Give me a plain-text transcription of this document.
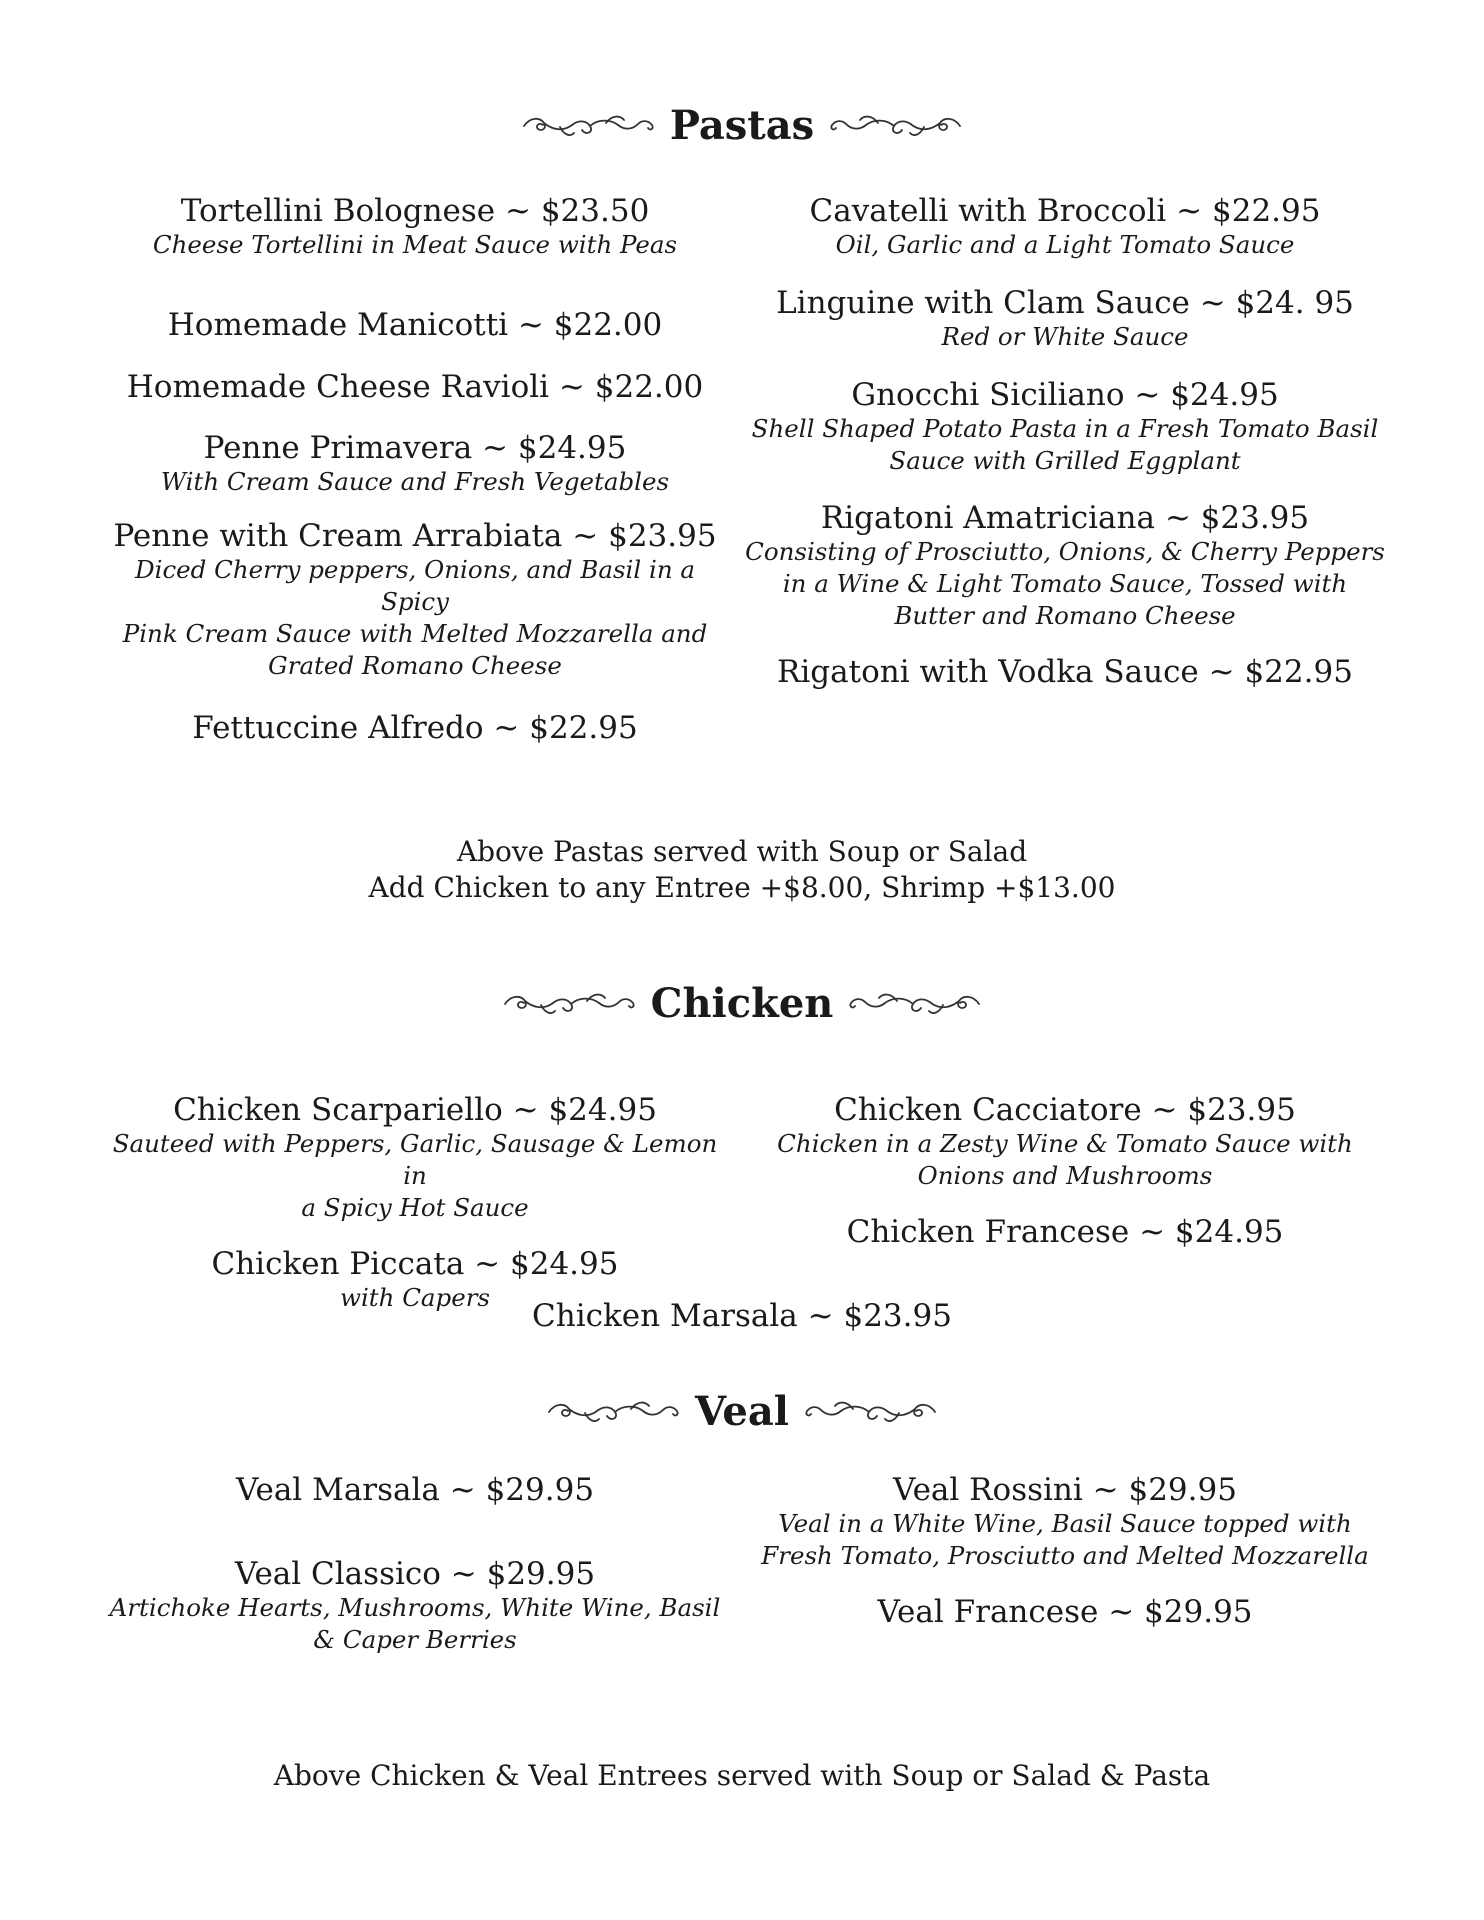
Pastas
Tortellini Bolognese ~ $23.50
Cheese Tortellini in Meat Sauce with Peas
Homemade Manicotti ~ $22.00
Homemade Cheese Ravioli ~ $22.00
Penne Primavera ~ $24.95
With Cream Sauce and Fresh Vegetables
Penne with Cream Arrabiata ~ $23.95
Diced Cherry peppers, Onions, and Basil in a Spicy
Pink Cream Sauce with Melted Mozzarella and
Grated Romano Cheese
Fettuccine Alfredo ~ $22.95
Cavatelli with Broccoli ~ $22.95
Oil, Garlic and a Light Tomato Sauce
Linguine with Clam Sauce ~ $24. 95
Red or White Sauce
Gnocchi Siciliano ~ $24.95
Shell Shaped Potato Pasta in a Fresh Tomato Basil
Sauce with Grilled Eggplant
Rigatoni Amatriciana ~ $23.95
Consisting of Prosciutto, Onions, & Cherry Peppers
in a Wine & Light Tomato Sauce, Tossed with
Butter and Romano Cheese
Rigatoni with Vodka Sauce ~ $22.95
Above Pastas served with Soup or Salad
Add Chicken to any Entree +$8.00, Shrimp +$13.00
Chicken
Chicken Scarpariello ~ $24.95
Sauteed with Peppers, Garlic, Sausage & Lemon in
a Spicy Hot Sauce
Chicken Piccata ~ $24.95
with Capers
Chicken Cacciatore ~ $23.95
Chicken in a Zesty Wine & Tomato Sauce with
Onions and Mushrooms
Chicken Francese ~ $24.95
Chicken Marsala ~ $23.95
Veal
Veal Marsala ~ $29.95
Veal Classico ~ $29.95
Artichoke Hearts, Mushrooms, White Wine, Basil
& Caper Berries
Veal Rossini ~ $29.95
Veal in a White Wine, Basil Sauce topped with
Fresh Tomato, Prosciutto and Melted Mozzarella
Veal Francese ~ $29.95
Above Chicken & Veal Entrees served with Soup or Salad & Pasta
